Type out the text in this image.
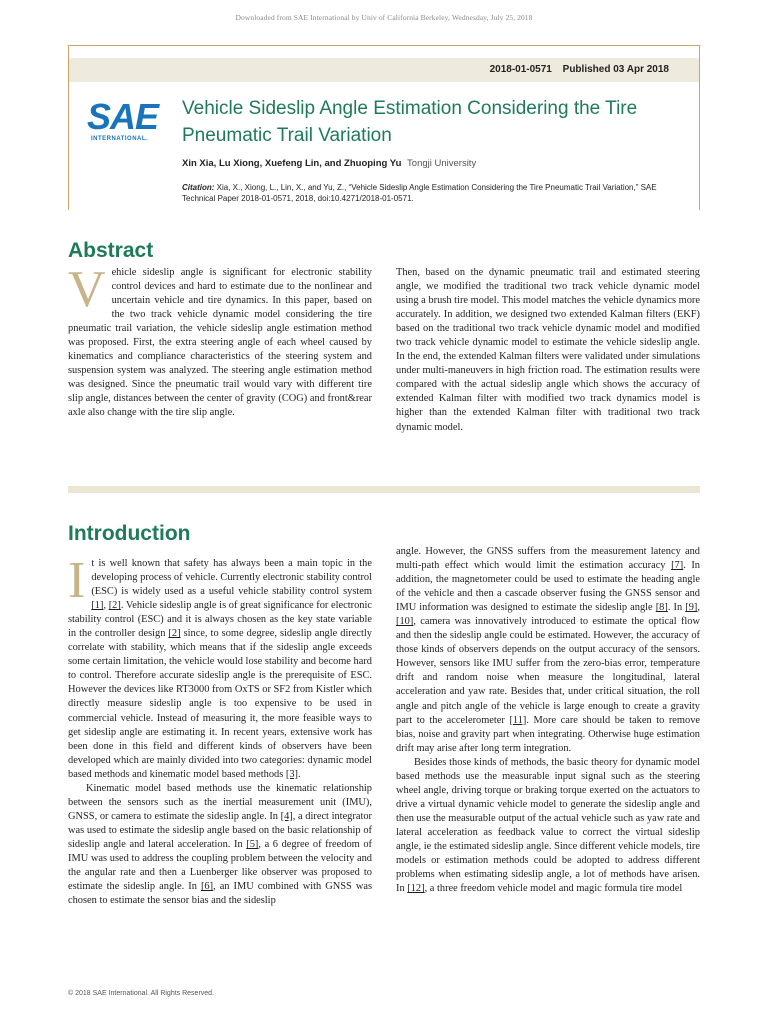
Downloaded from SAE International by Univ of California Berkeley, Wednesday, July 25, 2018
2018-01-0571 Published 03 Apr 2018
SAE
INTERNATIONAL.
Vehicle Sideslip Angle Estimation Considering the Tire Pneumatic Trail Variation
Xin Xia, Lu Xiong, Xuefeng Lin, and Zhuoping Yu Tongji University
Citation: Xia, X., Xiong, L., Lin, X., and Yu, Z., “Vehicle Sideslip Angle Estimation Considering the Tire Pneumatic Trail Variation,” SAE Technical Paper 2018-01-0571, 2018, doi:10.4271/2018-01-0571.
Abstract

Vehicle sideslip angle is significant for electronic stability control devices and hard to estimate due to the nonlinear and uncertain vehicle and tire dynamics. In this paper, based on the two track vehicle dynamic model considering the tire pneumatic trail variation, the vehicle sideslip angle estimation method was proposed. First, the extra steering angle of each wheel caused by kinematics and compliance characteristics of the steering system and suspension system was analyzed. The steering angle estimation method was designed. Since the pneumatic trail would vary with different tire slip angle, distances between the center of gravity (COG) and front&rear axle also change with the tire slip angle.

Then, based on the dynamic pneumatic trail and estimated steering angle, we modified the traditional two track vehicle dynamic model using a brush tire model. This model matches the vehicle dynamics more accurately. In addition, we designed two extended Kalman filters (EKF) based on the traditional two track vehicle dynamic model and modified two track vehicle dynamic model to estimate the vehicle sideslip angle. In the end, the extended Kalman filters were validated under simulations under multi-maneuvers in high friction road. The estimation results were compared with the actual sideslip angle which shows the accuracy of extended Kalman filter with modified two track dynamics model is higher than the extended Kalman filter with traditional two track dynamic model.

Introduction

It is well known that safety has always been a main topic in the developing process of vehicle. Currently electronic stability control (ESC) is widely used as a useful vehicle stability control system [1], [2]. Vehicle sideslip angle is of great significance for electronic stability control (ESC) and it is always chosen as the key state variable in the controller design [2] since, to some degree, sideslip angle directly correlate with stability, which means that if the sideslip angle exceeds some certain limitation, the vehicle would lose stability and become hard to control. Therefore accurate sideslip angle is the prerequisite of ESC. However the devices like RT3000 from OxTS or SF2 from Kistler which directly measure sideslip angle is too expensive to be used in commercial vehicle. Instead of measuring it, the more feasible ways to get sideslip angle are estimating it. In recent years, extensive work has been done in this field and different kinds of observers have been developed which are mainly divided into two categories: dynamic model based methods and kinematic model based methods [3].

Kinematic model based methods use the kinematic relationship between the sensors such as the inertial measurement unit (IMU), GNSS, or camera to estimate the sideslip angle. In [4], a direct integrator was used to estimate the sideslip angle based on the basic relationship of sideslip angle and lateral acceleration. In [5], a 6 degree of freedom of IMU was used to address the coupling problem between the velocity and the angular rate and then a Luenberger like observer was proposed to estimate the sideslip angle. In [6], an IMU combined with GNSS was chosen to estimate the sensor bias and the sideslip

angle. However, the GNSS suffers from the measurement latency and multi-path effect which would limit the estimation accuracy [7]. In addition, the magnetometer could be used to estimate the heading angle of the vehicle and then a cascade observer fusing the GNSS sensor and IMU information was designed to estimate the sideslip angle [8]. In [9], [10], camera was innovatively introduced to estimate the optical flow and then the sideslip angle could be estimated. However, the accuracy of those kinds of observers depends on the output accuracy of the sensors. However, sensors like IMU suffer from the zero-bias error, temperature drift and random noise when measure the longitudinal, lateral acceleration and yaw rate. Besides that, under critical situation, the roll angle and pitch angle of the vehicle is large enough to create a gravity part to the accelerometer [11]. More care should be taken to remove bias, noise and gravity part when integrating. Otherwise huge estimation drift may arise after long term integration.

Besides those kinds of methods, the basic theory for dynamic model based methods use the measurable input signal such as the steering wheel angle, driving torque or braking torque exerted on the actuators to drive a virtual dynamic vehicle model to generate the sideslip angle and then use the measurable output of the actual vehicle such as yaw rate and lateral acceleration as feedback value to correct the virtual sideslip angle, ie the estimated sideslip angle. Since different vehicle models, tire models or estimation methods could be adopted to address different problems when estimating sideslip angle, a lot of methods have arisen. In [12], a three freedom vehicle model and magic formula tire model

© 2018 SAE International. All Rights Reserved.
